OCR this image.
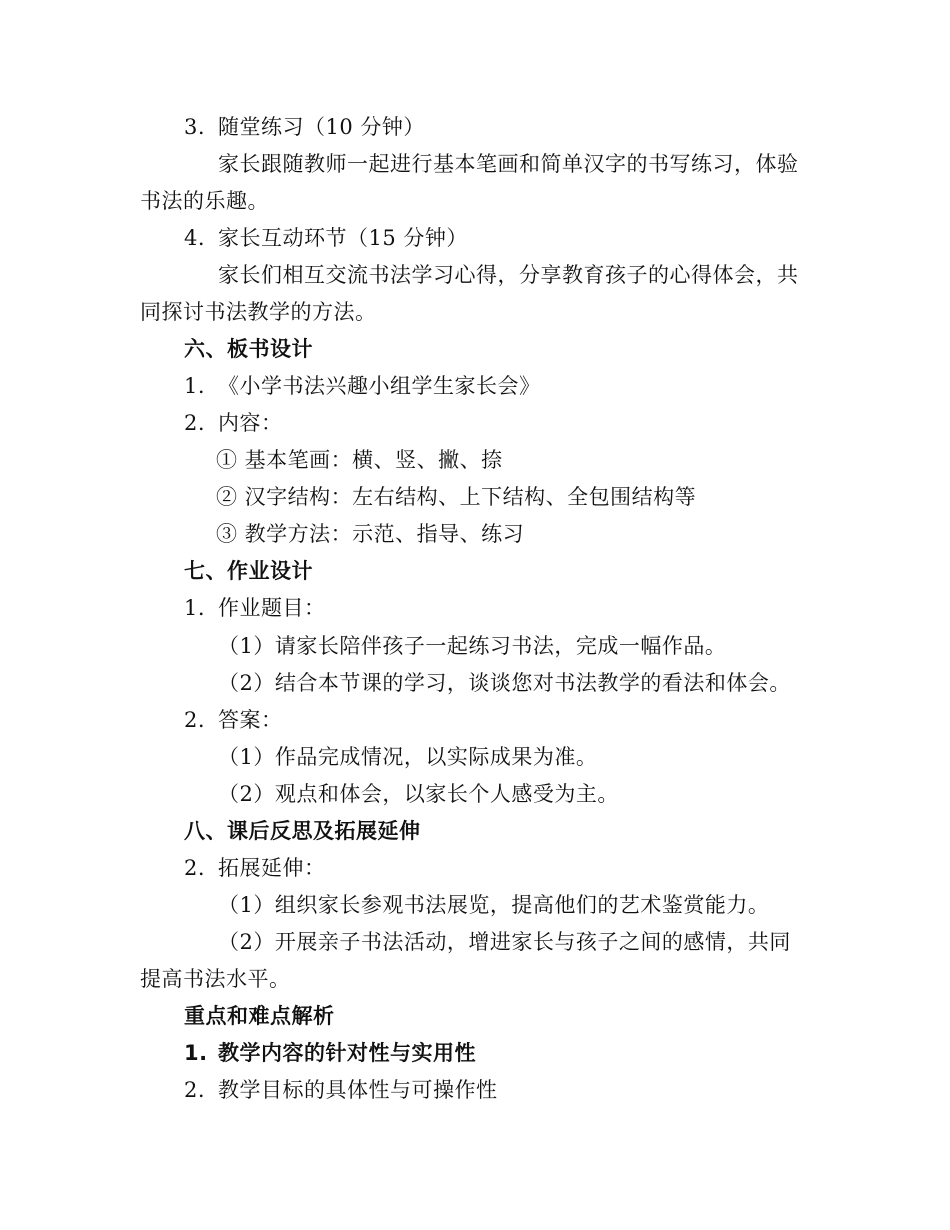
3. 随堂练习（10 分钟）
家长跟随教师一起进行基本笔画和简单汉字的书写练习，体验
书法的乐趣。
4. 家长互动环节（15 分钟）
家长们相互交流书法学习心得，分享教育孩子的心得体会，共
同探讨书法教学的方法。
六、板书设计
1. 《小学书法兴趣小组学生家长会》
2. 内容：
① 基本笔画：横、竖、撇、捺
② 汉字结构：左右结构、上下结构、全包围结构等
③ 教学方法：示范、指导、练习
七、作业设计
1. 作业题目：
（1）请家长陪伴孩子一起练习书法，完成一幅作品。
（2）结合本节课的学习，谈谈您对书法教学的看法和体会。
2. 答案：
（1）作品完成情况，以实际成果为准。
（2）观点和体会，以家长个人感受为主。
八、课后反思及拓展延伸
2. 拓展延伸：
（1）组织家长参观书法展览，提高他们的艺术鉴赏能力。
（2）开展亲子书法活动，增进家长与孩子之间的感情，共同
提高书法水平。
重点和难点解析
1. 教学内容的针对性与实用性
2. 教学目标的具体性与可操作性
